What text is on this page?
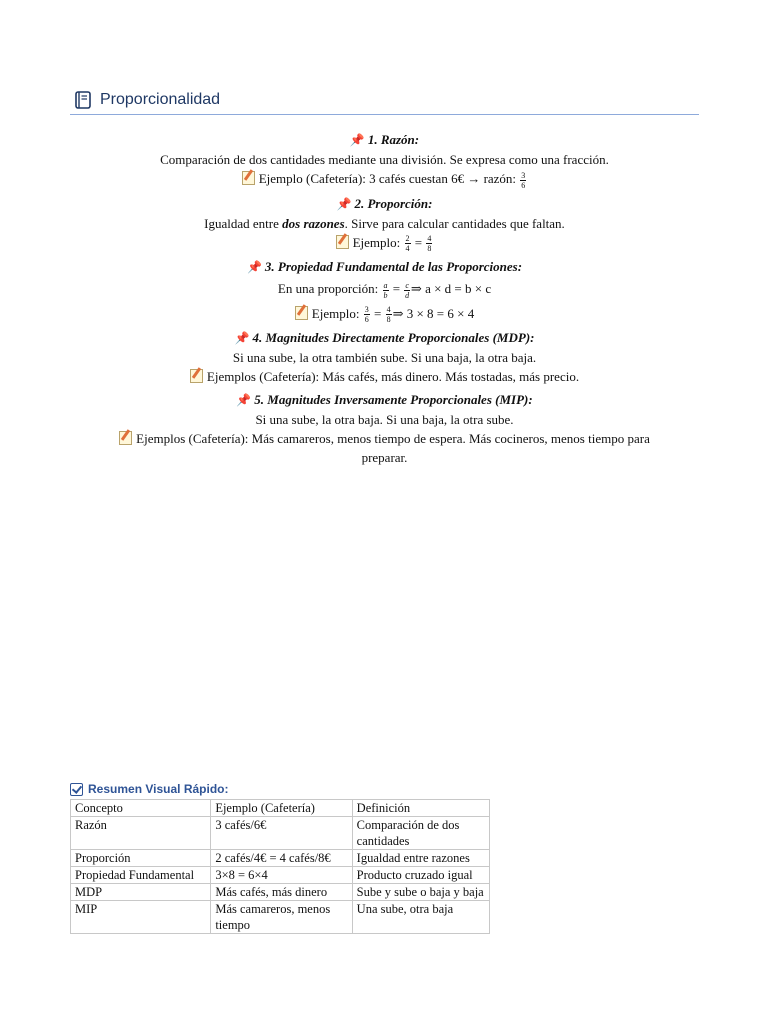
Proporcionalidad
📌 1. Razón:
Comparación de dos cantidades mediante una división. Se expresa como una fracción.
Ejemplo (Cafetería): 3 cafés cuestan 6€ → razón: $\frac{3}{6}$
📌 2. Proporción:
Igualdad entre dos razones. Sirve para calcular cantidades que faltan.
Ejemplo: $\frac{2}{4} = \frac{4}{8}$
📌 3. Propiedad Fundamental de las Proporciones:
En una proporción: $\frac{a}{b} = \frac{c}{d}$ ⇒ a × d = b × c
Ejemplo: $\frac{3}{6} = \frac{4}{8}$ ⇒ 3 × 8 = 6 × 4
📌 4. Magnitudes Directamente Proporcionales (MDP):
Si una sube, la otra también sube. Si una baja, la otra baja.
Ejemplos (Cafetería): Más cafés, más dinero. Más tostadas, más precio.
📌 5. Magnitudes Inversamente Proporcionales (MIP):
Si una sube, la otra baja. Si una baja, la otra sube.
Ejemplos (Cafetería): Más camareros, menos tiempo de espera. Más cocineros, menos tiempo para
preparar.
Resumen Visual Rápido:
Concepto	Ejemplo (Cafetería)	Definición
Razón	3 cafés/6€	Comparación de dos cantidades
Proporción	2 cafés/4€ = 4 cafés/8€	Igualdad entre razones
Propiedad Fundamental	3×8 = 6×4	Producto cruzado igual
MDP	Más cafés, más dinero	Sube y sube o baja y baja
MIP	Más camareros, menos tiempo	Una sube, otra baja
